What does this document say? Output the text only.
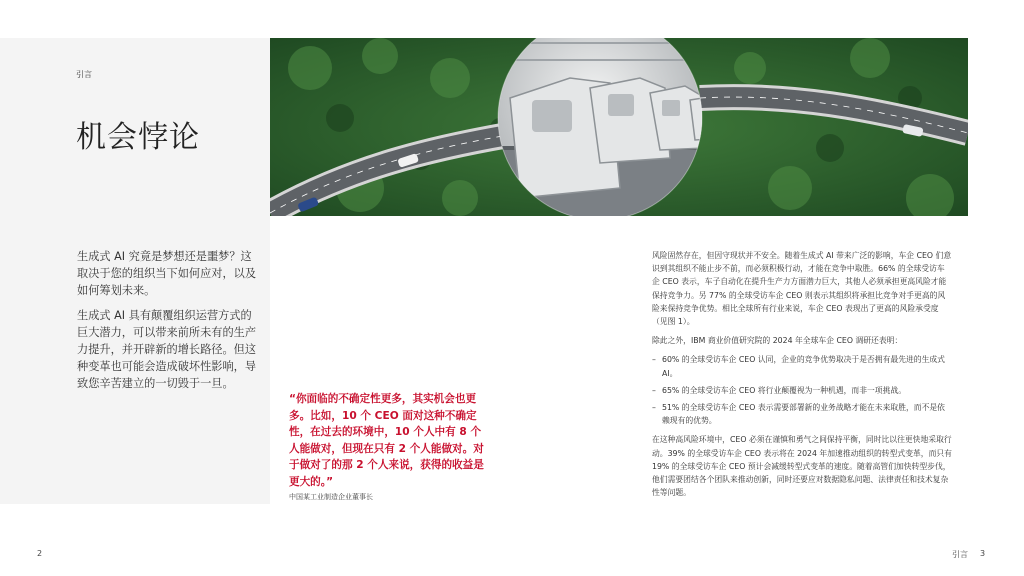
引言
机会悖论

生成式 AI 究竟是梦想还是噩梦？这取决于您的组织当下如何应对，以及如何筹划未来。

生成式 AI 具有颠覆组织运营方式的巨大潜力，可以带来前所未有的生产力提升，并开辟新的增长路径。但这种变革也可能会造成破坏性影响，导致您辛苦建立的一切毁于一旦。

“你面临的不确定性更多，其实机会也更多。比如，10 个 CEO 面对这种不确定性，在过去的环境中，10 个人中有 8 个人能做对，但现在只有 2 个人能做对。对于做对了的那 2 个人来说，获得的收益是更大的。”
中国某工业制造企业董事长

风险固然存在，但因守现状并不安全。随着生成式 AI 带来广泛的影响，车企 CEO 们意识到其组织不能止步不前，而必须积极行动，才能在竞争中取胜。66% 的全球受访车企 CEO 表示，车子自动化在提升生产力方面潜力巨大，其他人必须承担更高风险才能保持竞争力。另 77% 的全球受访车企 CEO 则表示其组织将承担比竞争对手更高的风险来保持竞争优势。相比全球所有行业来说，车企 CEO 表现出了更高的风险承受度（见图 1）。

除此之外，IBM 商业价值研究院的 2024 年全球车企 CEO 调研还表明：

– 60% 的全球受访车企 CEO 认同，企业的竞争优势取决于是否拥有最先进的生成式 AI。
– 65% 的全球受访车企 CEO 将行业颠覆视为一种机遇，而非一项挑战。
– 51% 的全球受访车企 CEO 表示需要部署新的业务战略才能在未来取胜，而不是依赖现有的优势。

在这种高风险环境中，CEO 必须在谨慎和勇气之间保持平衡，同时比以往更快地采取行动。39% 的全球受访车企 CEO 表示将在 2024 年加速推动组织的转型式变革，而只有 19% 的全球受访车企 CEO 预计会减缓转型式变革的速度。随着高管们加快转型步伐，他们需要团结各个团队来推动创新，同时还要应对数据隐私问题、法律责任和技术复杂性等问题。

2	引言 3
